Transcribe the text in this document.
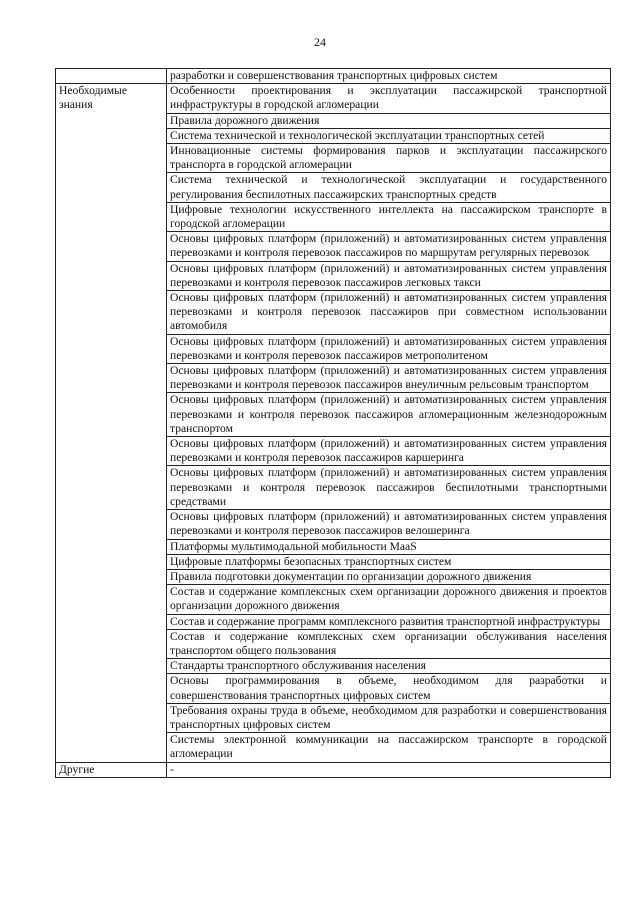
24
	разработки и совершенствования транспортных цифровых систем
Необходимые знания	Особенности проектирования и эксплуатации пассажирской транспортной инфраструктуры в городской агломерации
	Правила дорожного движения
	Система технической и технологической эксплуатации транспортных сетей
	Инновационные системы формирования парков и эксплуатации пассажирского транспорта в городской агломерации
	Система технической и технологической эксплуатации и государственного регулирования беспилотных пассажирских транспортных средств
	Цифровые технологии искусственного интеллекта на пассажирском транспорте в городской агломерации
	Основы цифровых платформ (приложений) и автоматизированных систем управления перевозками и контроля перевозок пассажиров по маршрутам регулярных перевозок
	Основы цифровых платформ (приложений) и автоматизированных систем управления перевозками и контроля перевозок пассажиров легковых такси
	Основы цифровых платформ (приложений) и автоматизированных систем управления перевозками и контроля перевозок пассажиров при совместном использовании автомобиля
	Основы цифровых платформ (приложений) и автоматизированных систем управления перевозками и контроля перевозок пассажиров метрополитеном
	Основы цифровых платформ (приложений) и автоматизированных систем управления перевозками и контроля перевозок пассажиров внеуличным рельсовым транспортом
	Основы цифровых платформ (приложений) и автоматизированных систем управления перевозками и контроля перевозок пассажиров агломерационным железнодорожным транспортом
	Основы цифровых платформ (приложений) и автоматизированных систем управления перевозками и контроля перевозок пассажиров каршеринга
	Основы цифровых платформ (приложений) и автоматизированных систем управления перевозками и контроля перевозок пассажиров беспилотными транспортными средствами
	Основы цифровых платформ (приложений) и автоматизированных систем управления перевозками и контроля перевозок пассажиров велошеринга
	Платформы мультимодальной мобильности MaaS
	Цифровые платформы безопасных транспортных систем
	Правила подготовки документации по организации дорожного движения
	Состав и содержание комплексных схем организации дорожного движения и проектов организации дорожного движения
	Состав и содержание программ комплексного развития транспортной инфраструктуры
	Состав и содержание комплексных схем организации обслуживания населения транспортом общего пользования
	Стандарты транспортного обслуживания населения
	Основы программирования в объеме, необходимом для разработки и совершенствования транспортных цифровых систем
	Требования охраны труда в объеме, необходимом для разработки и совершенствования транспортных цифровых систем
	Системы электронной коммуникации на пассажирском транспорте в городской агломерации
Другие	-
